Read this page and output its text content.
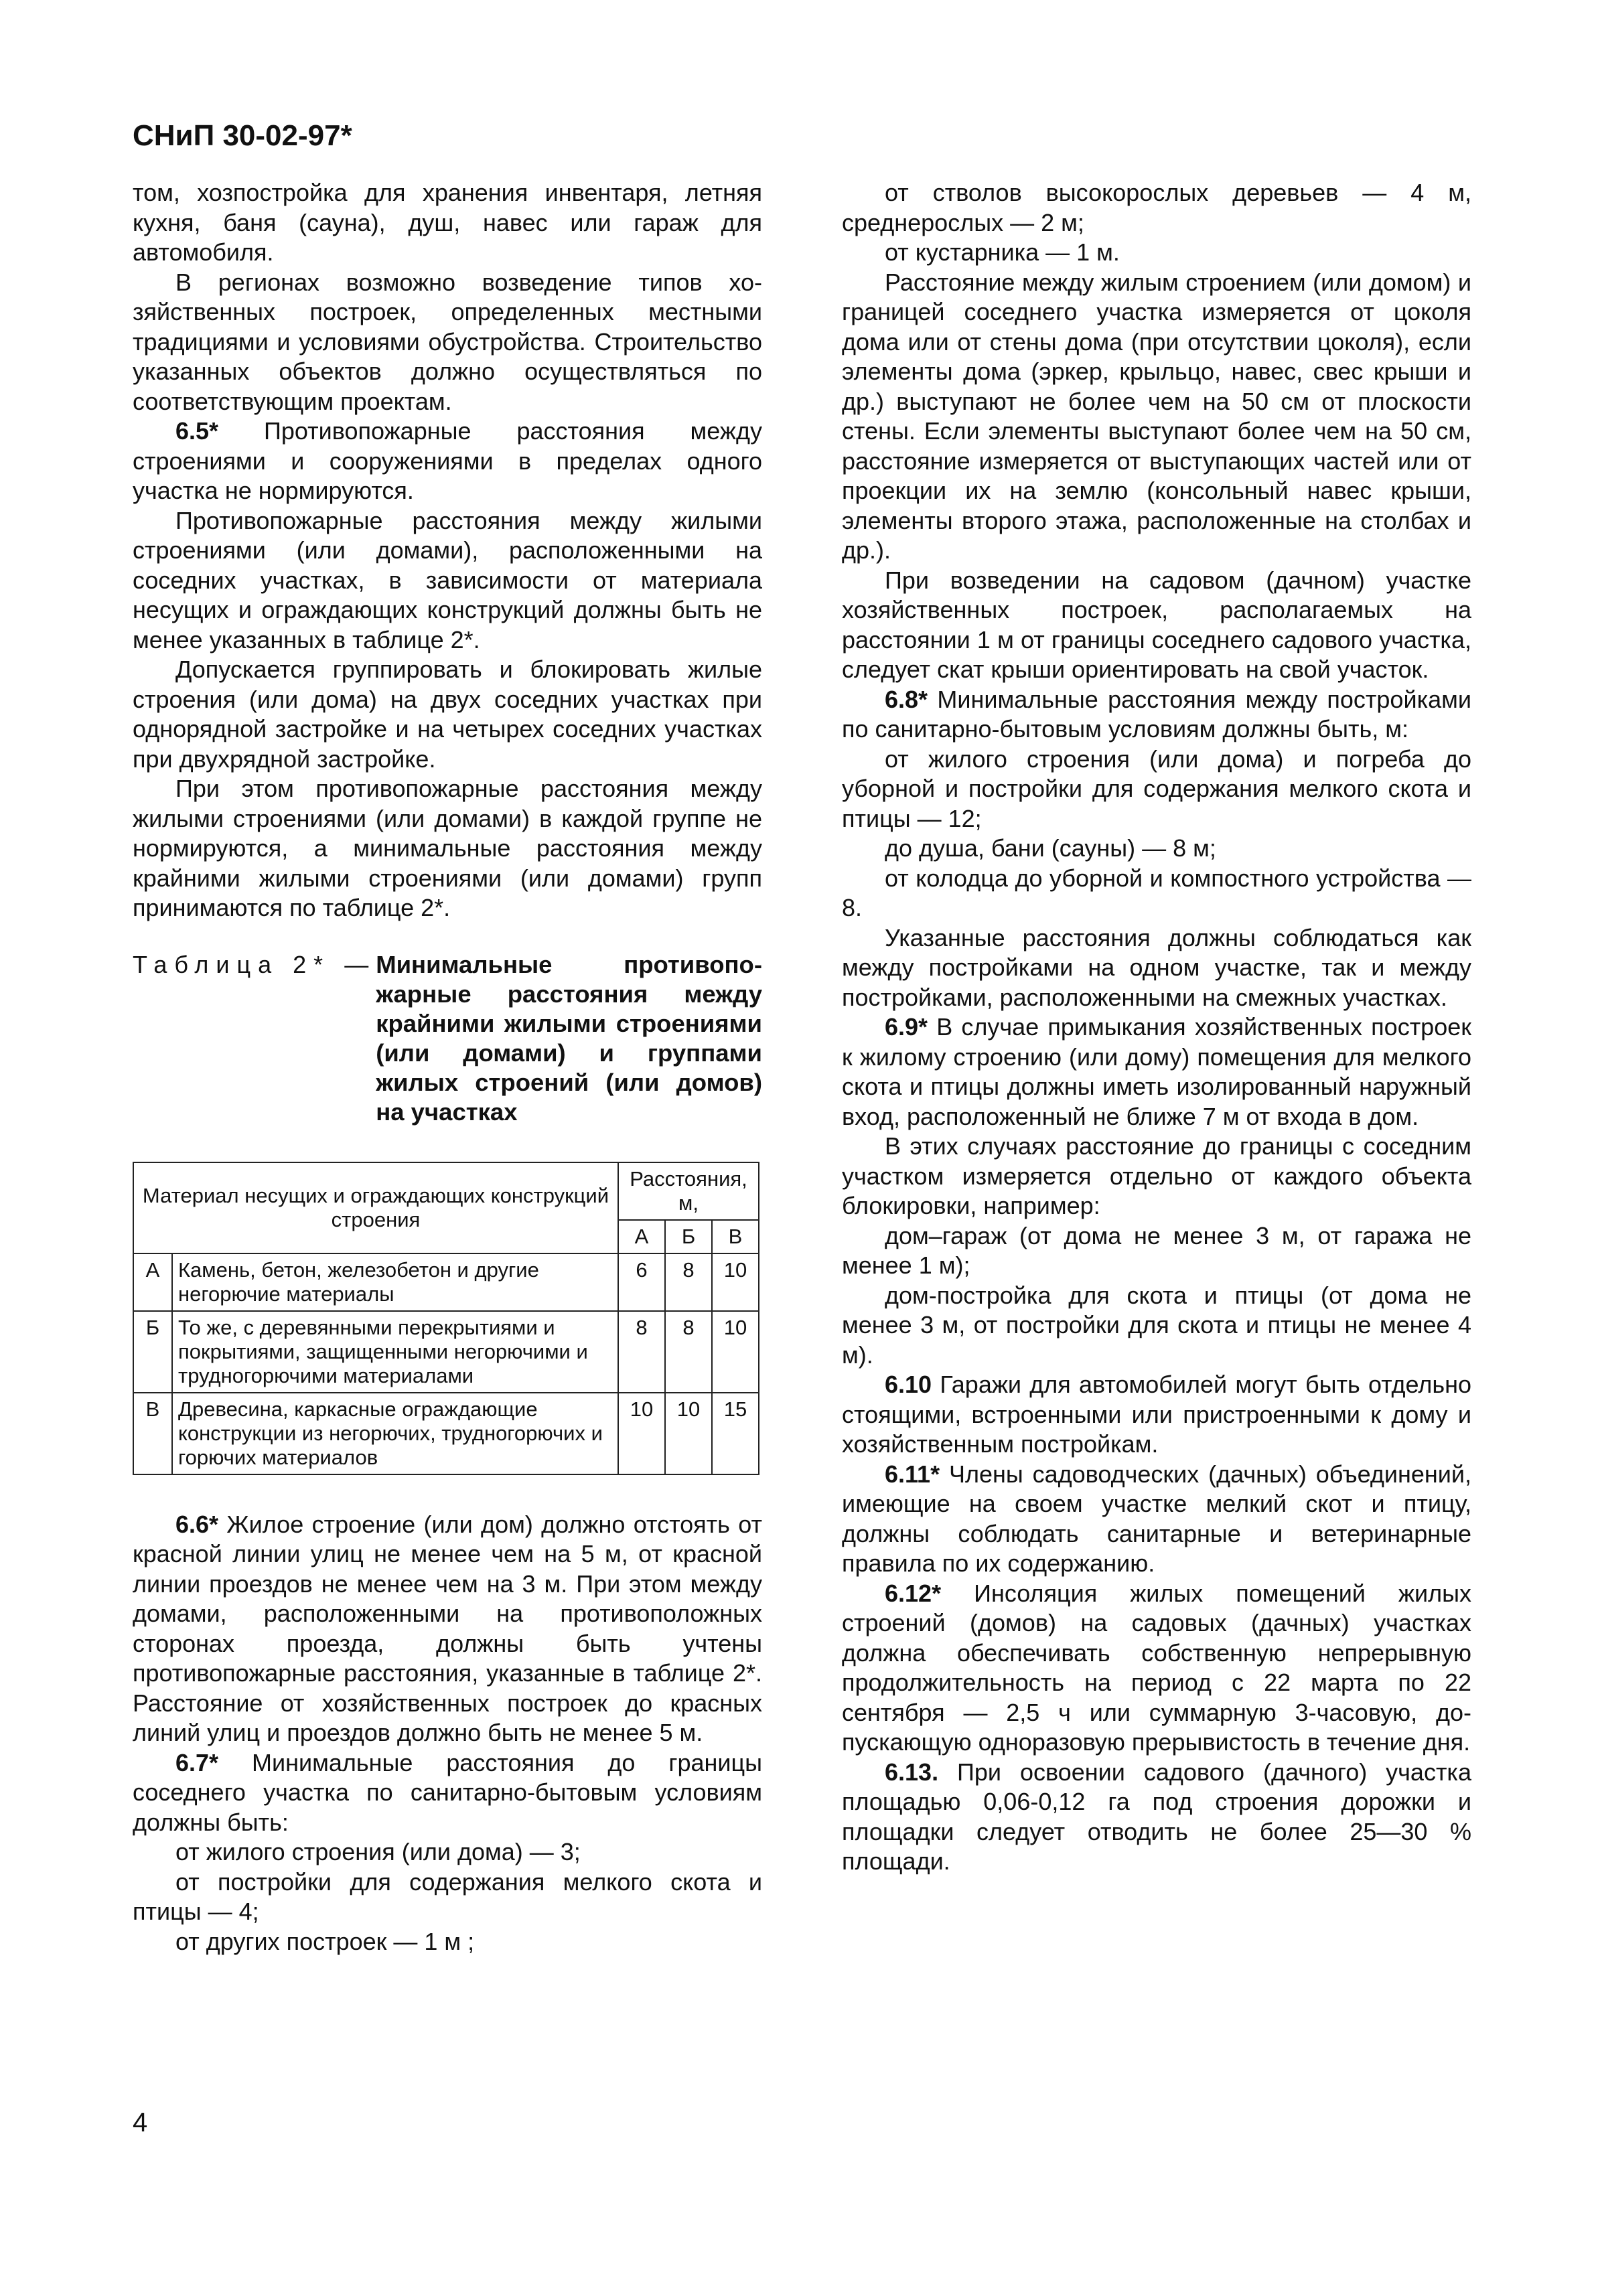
СНиП 30-02-97*

том, хозпостройка для хранения инвентаря, летняя кухня, баня (сауна), душ, навес или гараж для автомобиля.

В регионах возможно возведение типов хозяйственных построек, определенных местными традициями и условиями обустройства. Строительство указанных объектов должно осуществляться по соответствующим проектам.

6.5* Противопожарные расстояния между строениями и сооружениями в пределах одного участка не нормируются.

Противопожарные расстояния между жилыми строениями (или домами), расположенными на соседних участках, в зависимости от материала несущих и ограждающих конструкций должны быть не менее указанных в таблице 2*.

Допускается группировать и блокировать жилые строения (или дома) на двух соседних участках при однорядной застройке и на четырех соседних участках при двухрядной застройке.

При этом противопожарные расстояния между жилыми строениями (или домами) в каждой группе не нормируются, а минимальные расстояния между крайними жилыми строениями (или домами) групп принимаются по таблице 2*.

Таблица 2* — Минимальные противопожарные расстояния между крайними жилыми строениями (или домами) и группами жилых строений (или домов) на участках
Материал несущих и ограждающих конструкций строения		Расстояния, м,		
		А	Б	В
А	Камень, бетон, железобетон и другие негорючие материалы	6	8	10
Б	То же, с деревянными перекрытиями и покрытиями, защищенными негорючими и трудногорючими материалами	8	8	10
В	Древесина, каркасные ограждающие конструкции из негорючих, трудногорючих и горючих материалов	10	10	15

6.6* Жилое строение (или дом) должно отстоять от красной линии улиц не менее чем на 5 м, от красной линии проездов не менее чем на 3 м. При этом между домами, расположенными на противоположных сторонах проезда, должны быть учтены противопожарные расстояния, указанные в таблице 2*. Расстояние от хозяйственных построек до красных линий улиц и проездов должно быть не менее 5 м.

6.7* Минимальные расстояния до границы соседнего участка по санитарно-бытовым условиям должны быть:

от жилого строения (или дома) — 3;

от постройки для содержания мелкого скота и птицы — 4;

от других построек — 1 м ;

от стволов высокорослых деревьев — 4 м, среднерослых — 2 м;

от кустарника — 1 м.

Расстояние между жилым строением (или домом) и границей соседнего участка измеряется от цоколя дома или от стены дома (при отсутствии цоколя), если элементы дома (эркер, крыльцо, навес, свес крыши и др.) выступают не более чем на 50 см от плоскости стены. Если элементы выступают более чем на 50 см, расстояние измеряется от выступающих частей или от проекции их на землю (консольный навес крыши, элементы второго этажа, расположенные на столбах и др.).

При возведении на садовом (дачном) участке хозяйственных построек, располагаемых на расстоянии 1 м от границы соседнего садового участка, следует скат крыши ориентировать на свой участок.

6.8* Минимальные расстояния между постройками по санитарно-бытовым условиям должны быть, м:

от жилого строения (или дома) и погреба до уборной и постройки для содержания мелкого скота и птицы — 12;

до душа, бани (сауны) — 8 м;

от колодца до уборной и компостного устройства — 8.

Указанные расстояния должны соблюдаться как между постройками на одном участке, так и между постройками, расположенными на смежных участках.

6.9* В случае примыкания хозяйственных построек к жилому строению (или дому) помещения для мелкого скота и птицы должны иметь изолированный наружный вход, расположенный не ближе 7 м от входа в дом.

В этих случаях расстояние до границы с соседним участком измеряется отдельно от каждого объекта блокировки, например:

дом–гараж (от дома не менее 3 м, от гаража не менее 1 м);

дом-постройка для скота и птицы (от дома не менее 3 м, от постройки для скота и птицы не менее 4 м).

6.10 Гаражи для автомобилей могут быть отдельно стоящими, встроенными или пристроенными к дому и хозяйственным постройкам.

6.11* Члены садоводческих (дачных) объединений, имеющие на своем участке мелкий скот и птицу, должны соблюдать санитарные и ветеринарные правила по их содержанию.

6.12* Инсоляция жилых помещений жилых строений (домов) на садовых (дачных) участках должна обеспечивать собственную непрерывную продолжительность на период с 22 марта по 22 сентября — 2,5 ч или суммарную 3-часовую, допускающую одноразовую прерывистость в течение дня.

6.13. При освоении садового (дачного) участка площадью 0,06-0,12 га под строения дорожки и площадки следует отводить не более 25—30 % площади.

4
